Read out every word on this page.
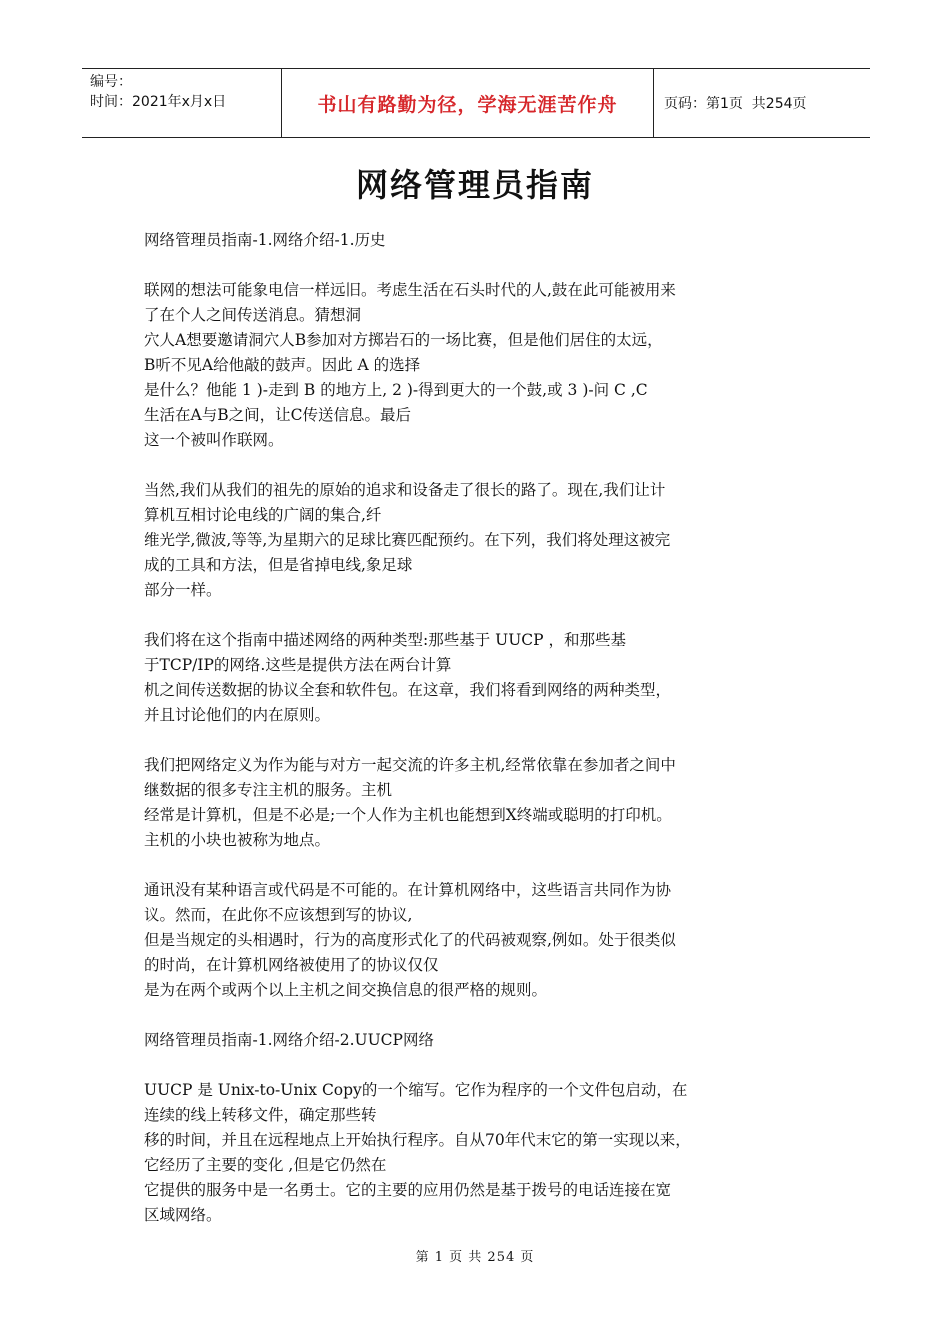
编号：
时间：2021年x月x日	书山有路勤为径，学海无涯苦作舟	页码：第1页  共254页
网络管理员指南

网络管理员指南-1.网络介绍-1.历史

联网的想法可能象电信一样远旧。考虑生活在石头时代的人,鼓在此可能被用来
了在个人之间传送消息。猜想洞
穴人A想要邀请洞穴人B参加对方掷岩石的一场比赛，但是他们居住的太远，
B听不见A给他敲的鼓声。因此 A 的选择
是什么？他能 1 )-走到 B 的地方上, 2 )-得到更大的一个鼓,或 3 )-问 C ,C
生活在A与B之间，让C传送信息。最后
这一个被叫作联网。

当然,我们从我们的祖先的原始的追求和设备走了很长的路了。现在,我们让计
算机互相讨论电线的广阔的集合,纤
维光学,微波,等等,为星期六的足球比赛匹配预约。在下列，我们将处理这被完
成的工具和方法，但是省掉电线,象足球
部分一样。

我们将在这个指南中描述网络的两种类型:那些基于 UUCP ，和那些基
于TCP/IP的网络.这些是提供方法在两台计算
机之间传送数据的协议全套和软件包。在这章，我们将看到网络的两种类型，
并且讨论他们的内在原则。

我们把网络定义为作为能与对方一起交流的许多主机,经常依靠在参加者之间中
继数据的很多专注主机的服务。主机
经常是计算机，但是不必是;一个人作为主机也能想到X终端或聪明的打印机。
主机的小块也被称为地点。

通讯没有某种语言或代码是不可能的。在计算机网络中，这些语言共同作为协
议。然而，在此你不应该想到写的协议,
但是当规定的头相遇时，行为的高度形式化了的代码被观察,例如。处于很类似
的时尚，在计算机网络被使用了的协议仅仅
是为在两个或两个以上主机之间交换信息的很严格的规则。

网络管理员指南-1.网络介绍-2.UUCP网络

UUCP 是 Unix-to-Unix Copy的一个缩写。它作为程序的一个文件包启动，在
连续的线上转移文件，确定那些转
移的时间，并且在远程地点上开始执行程序。自从70年代末它的第一实现以来，
它经历了主要的变化 ,但是它仍然在
它提供的服务中是一名勇士。它的主要的应用仍然是基于拨号的电话连接在宽
区域网络。

第 1 页 共 254 页
